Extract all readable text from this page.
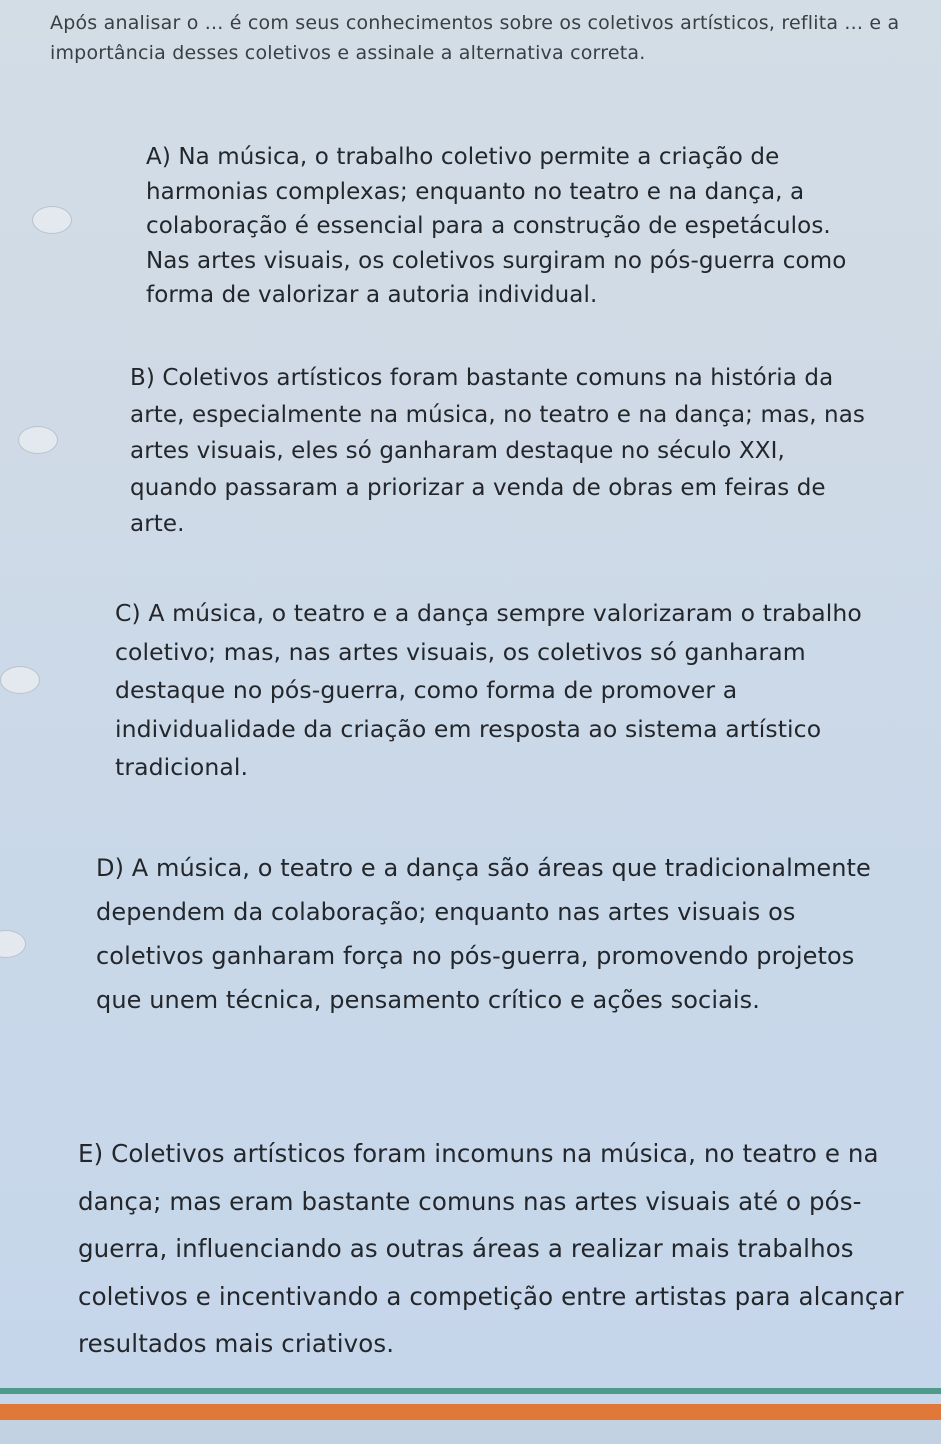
Após analisar o ... é com seus conhecimentos sobre os coletivos artísticos, reflita ... e a importância desses coletivos e assinale a alternativa correta.

A) Na música, o trabalho coletivo permite a criação de harmonias complexas; enquanto no teatro e na dança, a colaboração é essencial para a construção de espetáculos. Nas artes visuais, os coletivos surgiram no pós-guerra como forma de valorizar a autoria individual.

B) Coletivos artísticos foram bastante comuns na história da arte, especialmente na música, no teatro e na dança; mas, nas artes visuais, eles só ganharam destaque no século XXI, quando passaram a priorizar a venda de obras em feiras de arte.

C) A música, o teatro e a dança sempre valorizaram o trabalho coletivo; mas, nas artes visuais, os coletivos só ganharam destaque no pós-guerra, como forma de promover a individualidade da criação em resposta ao sistema artístico tradicional.

D) A música, o teatro e a dança são áreas que tradicionalmente dependem da colaboração; enquanto nas artes visuais os coletivos ganharam força no pós-guerra, promovendo projetos que unem técnica, pensamento crítico e ações sociais.

E) Coletivos artísticos foram incomuns na música, no teatro e na dança; mas eram bastante comuns nas artes visuais até o pós-guerra, influenciando as outras áreas a realizar mais trabalhos coletivos e incentivando a competição entre artistas para alcançar resultados mais criativos.
